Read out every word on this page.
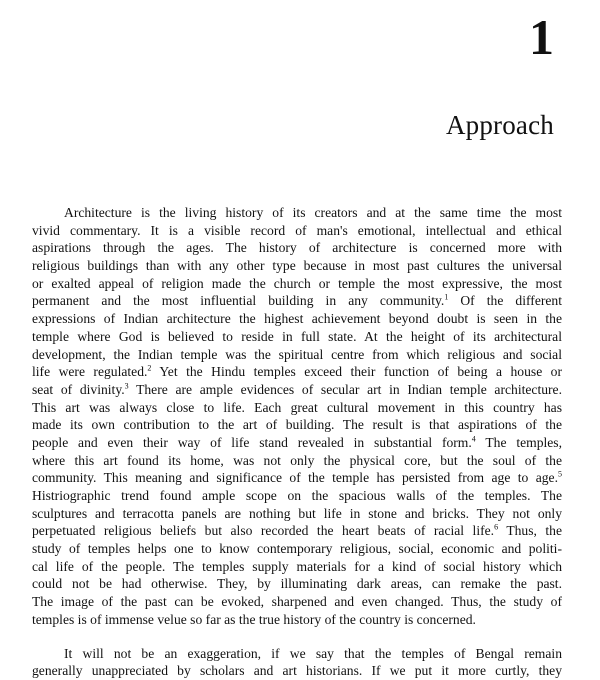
1
Approach
Architecture is the living history of its creators and at the same time the most
vivid commentary. It is a visible record of man's emotional, intellectual and ethical
aspirations through the ages. The history of architecture is concerned more with
religious buildings than with any other type because in most past cultures the universal
or exalted appeal of religion made the church or temple the most expressive, the most
permanent and the most influential building in any community.$^1$ Of the different
expressions of Indian architecture the highest achievement beyond doubt is seen in the
temple where God is believed to reside in full state. At the height of its architectural
development, the Indian temple was the spiritual centre from which religious and social
life were regulated.$^2$ Yet the Hindu temples exceed their function of being a house or
seat of divinity.$^3$ There are ample evidences of secular art in Indian temple architecture.
This art was always close to life. Each great cultural movement in this country has
made its own contribution to the art of building. The result is that aspirations of the
people and even their way of life stand revealed in substantial form.$^4$ The temples,
where this art found its home, was not only the physical core, but the soul of the
community. This meaning and significance of the temple has persisted from age to age.$^5$
Histriographic trend found ample scope on the spacious walls of the temples. The
sculptures and terracotta panels are nothing but life in stone and bricks. They not only
perpetuated religious beliefs but also recorded the heart beats of racial life.$^6$ Thus, the
study of temples helps one to know contemporary religious, social, economic and politi-
cal life of the people. The temples supply materials for a kind of social history which
could not be had otherwise. They, by illuminating dark areas, can remake the past.
The image of the past can be evoked, sharpened and even changed. Thus, the study of
temples is of immense velue so far as the true history of the country is concerned.
It will not be an exaggeration, if we say that the temples of Bengal remain
generally unappreciated by scholars and art historians. If we put it more curtly, they
